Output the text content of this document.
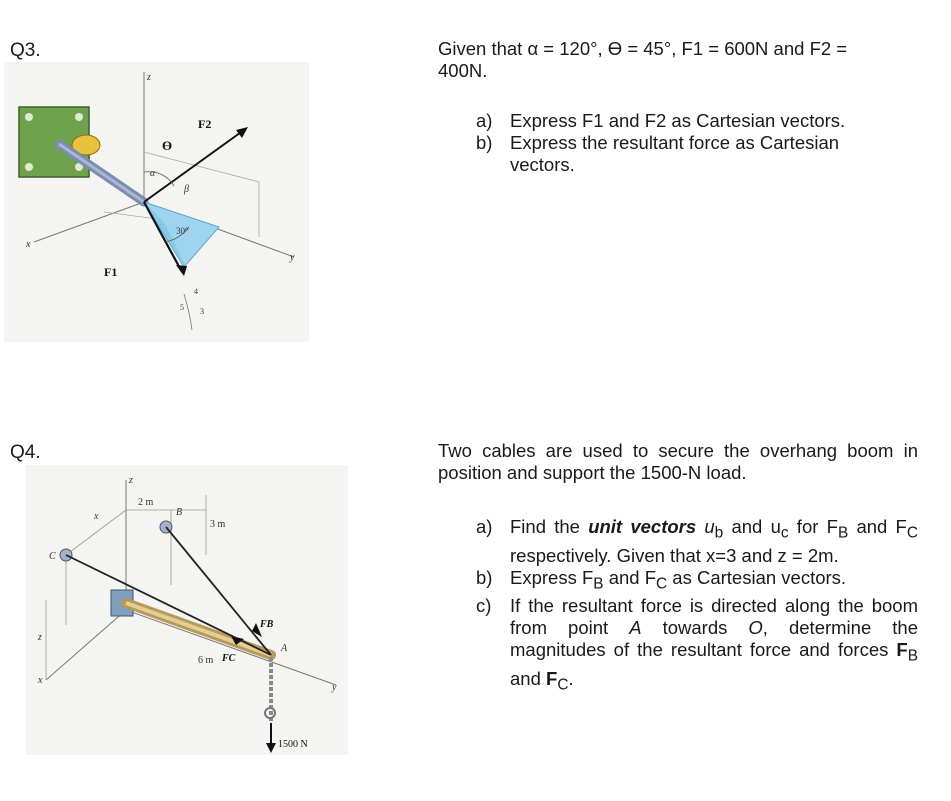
Q3.
z
x
y
F2
F1
ϴ
α
β
30°
4
3
5
Given that α = 120°, ϴ = 45°, F1 = 600N and F2 =
400N.
a) Express F1 and F2 as Cartesian vectors.
b) Express the resultant force as Cartesian vectors.
Q4.
z
x
y
C
B
A
2 m
3 m
6 m
FB
FC
1500 N
x
z
Two cables are used to secure the overhang boom in position and support the 1500-N load.
a) Find the unit vectors $u_b$ and $u_c$ for $F_B$ and $F_C$ respectively. Given that x=3 and z = 2m.
b) Express $F_B$ and $F_C$ as Cartesian vectors.
c)	If the resultant force is directed along the boom from point A towards O, determine the magnitudes of the resultant force and forces $F_B$ and $F_C$.
